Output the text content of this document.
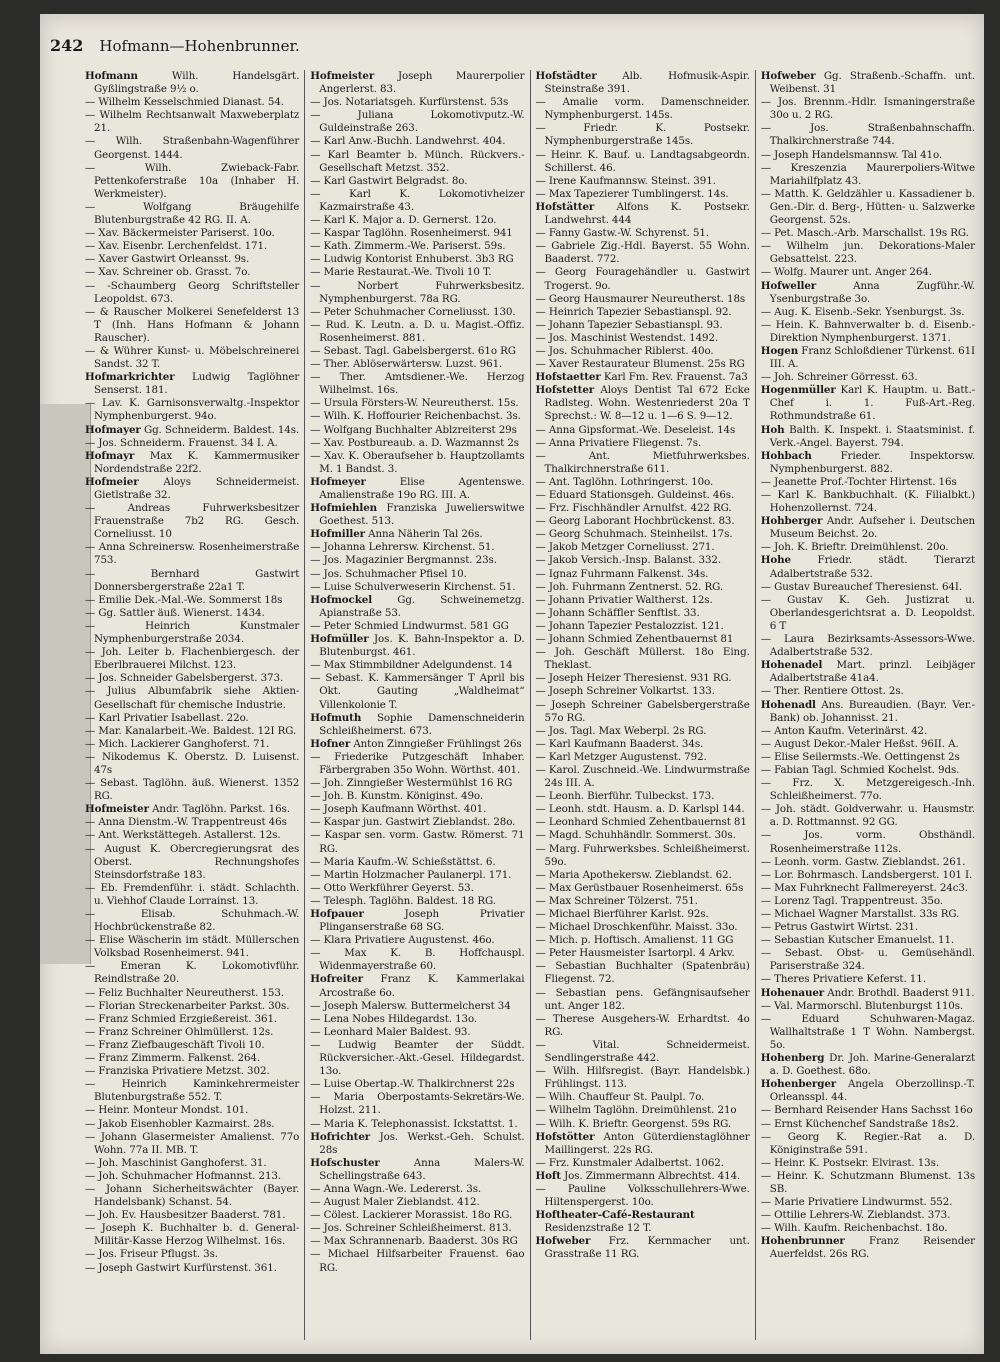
242 Hofmann—Hohenbrunner.

Hofmann Wilh. Handelsgärt. Gyßlingstraße 9½ o.

— Wilhelm Kesselschmied Dianast. 54.

— Wilhelm Rechtsanwalt Maxweberplatz 21.

— Wilh. Straßenbahn-Wagenführer Georgenst. 1444.

— Wilh. Zwieback-Fabr. Pettenkoferstraße 10a (Inhaber H. Werkmeister).

— Wolfgang Bräugehilfe Blutenburgstraße 42 RG. II. A.

— Xav. Bäckermeister Pariserst. 10o.

— Xav. Eisenbr. Lerchenfeldst. 171.

— Xaver Gastwirt Orleansst. 9s.

— Xav. Schreiner ob. Grasst. 7o.

— -Schaumberg Georg Schriftsteller Leopoldst. 673.

— & Rauscher Molkerei Senefelderst 13 T (Inh. Hans Hofmann & Johann Rauscher).

— & Wührer Kunst- u. Möbelschreinerei Sandst. 32 T.

Hofmarkrichter Ludwig Taglöhner Senserst. 181.

— Lav. K. Garnisonsverwaltg.-Inspektor Nymphenburgerst. 94o.

Hofmayer Gg. Schneiderm. Baldest. 14s.

— Jos. Schneiderm. Frauenst. 34 I. A.

Hofmayr Max K. Kammermusiker Nordendstraße 22f2.

Hofmeier Aloys Schneidermeist. Gietlstraße 32.

— Andreas Fuhrwerksbesitzer Frauenstraße 7b2 RG. Gesch. Corneliusst. 10

— Anna Schreinersw. Rosenheimerstraße 753.

— Bernhard Gastwirt Donnersbergerstraße 22a1 T.

— Emilie Dek.-Mal.-We. Sommerst 18s

— Gg. Sattler äuß. Wienerst. 1434.

— Heinrich Kunstmaler Nymphenburgerstraße 2034.

— Joh. Leiter b. Flachenbiergesch. der Eberlbrauerei Milchst. 123.

— Jos. Schneider Gabelsbergerst. 373.

— Julius Albumfabrik siehe Aktien-Gesellschaft für chemische Industrie.

— Karl Privatier Isabellast. 22o.

— Mar. Kanalarbeit.-We. Baldest. 12I RG.

— Mich. Lackierer Ganghoferst. 71.

— Nikodemus K. Oberstz. D. Luisenst. 47s

— Sebast. Taglöhn. äuß. Wienerst. 1352 RG.

Hofmeister Andr. Taglöhn. Parkst. 16s.

— Anna Dienstm.-W. Trappentreust 46s

— Ant. Werkstättegeh. Astallerst. 12s.

— August K. Obercregierungsrat des Oberst. Rechnungshofes Steinsdorfstraße 183.

— Eb. Fremdenführ. i. städt. Schlachth. u. Viehhof Claude Lorrainst. 13.

— Elisab. Schuhmach.-W. Hochbrückenstraße 82.

— Elise Wäscherin im städt. Müllerschen Volksbad Rosenheimerst. 941.

— Emeran K. Lokomotivführ. Reindlstraße 20.

— Feliz Buchhalter Neureutherst. 153.

— Florian Streckenarbeiter Parkst. 30s.

— Franz Schmied Erzgießereist. 361.

— Franz Schreiner Ohlmüllerst. 12s.

— Franz Ziefbaugeschäft Tivoli 10.

— Franz Zimmerm. Falkenst. 264.

— Franziska Privatiere Metzst. 302.

— Heinrich Kaminkehrermeister Blutenburgstraße 552. T.

— Heinr. Monteur Mondst. 101.

— Jakob Eisenhobler Kazmairst. 28s.

— Johann Glasermeister Amalienst. 77o Wohn. 77a II. MB. T.

— Joh. Maschinist Ganghoferst. 31.

— Joh. Schuhmacher Hofmannst. 213.

— Johann Sicherheitswächter (Bayer. Handelsbank) Schanst. 54.

— Joh. Ev. Hausbesitzer Baaderst. 781.

— Joseph K. Buchhalter b. d. General-Militär-Kasse Herzog Wilhelmst. 16s.

— Jos. Friseur Pflugst. 3s.

— Joseph Gastwirt Kurfürstenst. 361.

Hofmeister Joseph Maurerpolier Angerlerst. 83.

— Jos. Notariatsgeh. Kurfürstenst. 53s

— Juliana Lokomotivputz.-W. Guldeinstraße 263.

— Karl Anw.-Buchh. Landwehrst. 404.

— Karl Beamter b. Münch. Rückvers.-Gesellschaft Metzst. 352.

— Karl Gastwirt Belgradst. 8o.

— Karl K. Lokomotivheizer Kazmairstraße 43.

— Karl K. Major a. D. Gernerst. 12o.

— Kaspar Taglöhn. Rosenheimerst. 941

— Kath. Zimmerm.-We. Pariserst. 59s.

— Ludwig Kontorist Enhuberst. 3b3 RG

— Marie Restaurat.-We. Tivoli 10 T.

— Norbert Fuhrwerksbesitz. Nymphenburgerst. 78a RG.

— Peter Schuhmacher Corneliusst. 130.

— Rud. K. Leutn. a. D. u. Magist.-Offiz. Rosenheimerst. 881.

— Sebast. Tagl. Gabelsbergerst. 61o RG

— Ther. Ablöserwärtersw. Luzst. 961.

— Ther. Amtsdiener.-We. Herzog Wilhelmst. 16s.

— Ursula Försters-W. Neureutherst. 15s.

— Wilh. K. Hoffourier Reichenbachst. 3s.

— Wolfgang Buchhalter Ablzreiterst 29s

— Xav. Postbureaub. a. D. Wazmannst 2s

— Xav. K. Oberaufseher b. Hauptzollamts M. 1 Bandst. 3.

Hofmeyer Elise Agentenswe. Amalienstraße 19o RG. III. A.

Hofmiehlen Franziska Juwelierswitwe Goethest. 513.

Hofmiller Anna Näherin Tal 26s.

— Johanna Lehrersw. Kirchenst. 51.

— Jos. Magazinier Bergmannst. 23s.

— Jos. Schuhmacher Pfisel 10.

— Luise Schulverweserin Kirchenst. 51.

Hofmockel Gg. Schweinemetzg. Apianstraße 53.

— Peter Schmied Lindwurmst. 581 GG

Hofmüller Jos. K. Bahn-Inspektor a. D. Blutenburgst. 461.

— Max Stimmbildner Adelgundenst. 14

— Sebast. K. Kammersänger T April bis Okt. Gauting „Waldheimat“ Villenkolonie T.

Hofmuth Sophie Damenschneiderin Schleißheimerst. 673.

Hofner Anton Zinngießer Frühlingst 26s

— Friederike Putzgeschäft Inhaber. Färbergraben 35o Wohn. Wörthst. 401.

— Joh. Zinngießer Westermühlst 16 RG

— Joh. B. Kunstm. Königinst. 49o.

— Joseph Kaufmann Wörthst. 401.

— Kaspar jun. Gastwirt Zieblandst. 28o.

— Kaspar sen. vorm. Gastw. Römerst. 71 RG.

— Maria Kaufm.-W. Schießstättst. 6.

— Martin Holzmacher Paulanerpl. 171.

— Otto Werkführer Geyerst. 53.

— Telesph. Taglöhn. Baldest. 18 RG.

Hofpauer Joseph Privatier Plinganserstraße 68 SG.

— Klara Privatiere Augustenst. 46o.

— Max K. B. Hoffchauspl. Widenmayerstraße 60.

Hofreiter Franz K. Kammerlakai Arcostraße 6o.

— Joseph Malersw. Buttermelcherst 34

— Lena Nobes Hildegardst. 13o.

— Leonhard Maler Baldest. 93.

— Ludwig Beamter der Süddt. Rückversicher.-Akt.-Gesel. Hildegardst. 13o.

— Luise Obertap.-W. Thalkirchnerst 22s

— Maria Oberpostamts-Sekretärs-We. Holzst. 211.

— Maria K. Telephonassist. Ickstattst. 1.

Hofrichter Jos. Werkst.-Geh. Schulst. 28s

Hofschuster Anna Malers-W. Schellingstraße 643.

— Anna Wagn.-We. Ledererst. 3s.

— August Maler Zieblandst. 412.

— Cölest. Lackierer Morassist. 18o RG.

— Jos. Schreiner Schleißheimerst. 813.

— Max Schrannenarb. Baaderst. 30s RG

— Michael Hilfsarbeiter Frauenst. 6ao RG.

Hofstädter Alb. Hofmusik-Aspir. Steinstraße 391.

— Amalie vorm. Damenschneider. Nymphenburgerst. 145s.

— Friedr. K. Postsekr. Nymphenburgerstraße 145s.

— Heinr. K. Bauf. u. Landtagsabgeordn. Schillerst. 46.

— Irene Kaufmannsw. Steinst. 391.

— Max Tapezierer Tumblingerst. 14s.

Hofstätter Alfons K. Postsekr. Landwehrst. 444

— Fanny Gastw.-W. Schyrenst. 51.

— Gabriele Zig.-Hdl. Bayerst. 55 Wohn. Baaderst. 772.

— Georg Fouragehändler u. Gastwirt Trogerst. 9o.

— Georg Hausmaurer Neureutherst. 18s

— Heinrich Tapezier Sebastianspl. 92.

— Johann Tapezier Sebastianspl. 93.

— Jos. Maschinist Westendst. 1492.

— Jos. Schuhmacher Riblerst. 40o.

— Xaver Restaurateur Blumenst. 25s RG

Hofstaetter Karl Fm. Rev. Frauenst. 7a3

Hofstetter Aloys Dentist Tal 672 Ecke Radlsteg. Wohn. Westenriederst 20a T Sprechst.: W. 8—12 u. 1—6 S. 9—12.

— Anna Gipsformat.-We. Deseleist. 14s

— Anna Privatiere Fliegenst. 7s.

— Ant. Mietfuhrwerksbes. Thalkirchnerstraße 611.

— Ant. Taglöhn. Lothringerst. 10o.

— Eduard Stationsgeh. Guldeinst. 46s.

— Frz. Fischhändler Arnulfst. 422 RG.

— Georg Laborant Hochbrückenst. 83.

— Georg Schuhmach. Steinheilst. 17s.

— Jakob Metzger Corneliusst. 271.

— Jakob Versich.-Insp. Balanst. 332.

— Ignaz Fuhrmann Falkenst. 34s.

— Joh. Fuhrmann Zentnerst. 52. RG.

— Johann Privatier Waltherst. 12s.

— Johann Schäffler Senftlst. 33.

— Johann Tapezier Pestalozzist. 121.

— Johann Schmied Zehentbauernst 81

— Joh. Geschäft Müllerst. 18o Eing. Theklast.

— Joseph Heizer Theresienst. 931 RG.

— Joseph Schreiner Volkartst. 133.

— Joseph Schreiner Gabelsbergerstraße 57o RG.

— Jos. Tagl. Max Weberpl. 2s RG.

— Karl Kaufmann Baaderst. 34s.

— Karl Metzger Augustenst. 792.

— Karol. Zuschneid.-We. Lindwurmstraße 24s III. A.

— Leonh. Bierführ. Tulbeckst. 173.

— Leonh. stdt. Hausm. a. D. Karlspl 144.

— Leonhard Schmied Zehentbauernst 81

— Magd. Schuhhändlr. Sommerst. 30s.

— Marg. Fuhrwerksbes. Schleißheimerst. 59o.

— Maria Apothekersw. Zieblandst. 62.

— Max Gerüstbauer Rosenheimerst. 65s

— Max Schreiner Tölzerst. 751.

— Michael Bierführer Karlst. 92s.

— Michael Droschkenführ. Maisst. 33o.

— Mich. p. Hoftisch. Amalienst. 11 GG

— Peter Hausmeister Isartorpl. 4 Arkv.

— Sebastian Buchhalter (Spatenbräu) Fliegenst. 72.

— Sebastian pens. Gefängnisaufseher unt. Anger 182.

— Therese Ausgehers-W. Erhardtst. 4o RG.

— Vital. Schneidermeist. Sendlingerstraße 442.

— Wilh. Hilfsregist. (Bayr. Handelsbk.) Frühlingst. 113.

— Wilh. Chauffeur St. Paulpl. 7o.

— Wilhelm Taglöhn. Dreimühlenst. 21o

— Wilh. K. Brieftr. Georgenst. 59s RG.

Hofstötter Anton Güterdienstaglöhner Maillingerst. 22s RG.

— Frz. Kunstmaler Adalbertst. 1062.

Hoft Jos. Zimmermann Albrechtst. 414.

— Pauline Volksschullehrers-Wwe. Hiltenspergerst. 10o.

Hoftheater-Café-Restaurant Residenzstraße 12 T.

Hofweber Frz. Kernmacher unt. Grasstraße 11 RG.

Hofweber Gg. Straßenb.-Schaffn. unt. Weibenst. 31

— Jos. Brennm.-Hdlr. Ismaningerstraße 30o u. 2 RG.

— Jos. Straßenbahnschaffn. Thalkirchnerstraße 744.

— Joseph Handelsmannsw. Tal 41o.

— Kreszenzia Maurerpoliers-Witwe Mariahilfplatz 43.

— Matth. K. Geldzähler u. Kassadiener b. Gen.-Dir. d. Berg-, Hütten- u. Salzwerke Georgenst. 52s.

— Pet. Masch.-Arb. Marschallst. 19s RG.

— Wilhelm jun. Dekorations-Maler Gebsattelst. 223.

— Wolfg. Maurer unt. Anger 264.

Hofweller Anna Zugführ.-W. Ysenburgstraße 3o.

— Aug. K. Eisenb.-Sekr. Ysenburgst. 3s.

— Hein. K. Bahnverwalter b. d. Eisenb.-Direktion Nymphenburgerst. 1371.

Hogen Franz Schloßdiener Türkenst. 61I III. A.

— Joh. Schreiner Görresst. 63.

Hogenmüller Karl K. Hauptm. u. Batt.-Chef i. 1. Fuß-Art.-Reg. Rothmundstraße 61.

Hoh Balth. K. Inspekt. i. Staatsminist. f. Verk.-Angel. Bayerst. 794.

Hohbach Frieder. Inspektorsw. Nymphenburgerst. 882.

— Jeanette Prof.-Tochter Hirtenst. 16s

— Karl K. Bankbuchhalt. (K. Filialbkt.) Hohenzollernst. 724.

Hohberger Andr. Aufseher i. Deutschen Museum Beichst. 2o.

— Joh. K. Brieftr. Dreimühlenst. 20o.

Hohe Friedr. städt. Tierarzt Adalbertstraße 532.

— Gustav Bureauchef Theresienst. 64I.

— Gustav K. Geh. Justizrat u. Oberlandesgerichtsrat a. D. Leopoldst. 6 T

— Laura Bezirksamts-Assessors-Wwe. Adalbertstraße 532.

Hohenadel Mart. prinzl. Leibjäger Adalbertstraße 41a4.

— Ther. Rentiere Ottost. 2s.

Hohenadl Ans. Bureaudien. (Bayr. Ver.-Bank) ob. Johannisst. 21.

— Anton Kaufm. Veterinärst. 42.

— August Dekor.-Maler Heßst. 96II. A.

— Elise Seilermsts.-We. Oettingenst 2s

— Fabian Tagl. Schmied Kochelst. 9ds.

— Frz. X. Metzgereigesch.-Inh. Schleißheimerst. 77o.

— Joh. städt. Goldverwahr. u. Hausmstr. a. D. Rottmannst. 92 GG.

— Jos. vorm. Obsthändl. Rosenheimerstraße 112s.

— Leonh. vorm. Gastw. Zieblandst. 261.

— Lor. Bohrmasch. Landsbergerst. 101 I.

— Max Fuhrknecht Fallmereyerst. 24c3.

— Lorenz Tagl. Trappentreust. 35o.

— Michael Wagner Marstallst. 33s RG.

— Petrus Gastwirt Wirtst. 231.

— Sebastian Kutscher Emanuelst. 11.

— Sebast. Obst- u. Gemüsehändl. Pariserstraße 324.

— Theres Privatiere Keferst. 11.

Hohenauer Andr. Brothdl. Baaderst 911.

— Val. Marmorschl. Blutenburgst 110s.

— Eduard Schuhwaren-Magaz. Wallhaltstraße 1 T Wohn. Nambergst. 5o.

Hohenberg Dr. Joh. Marine-Generalarzt a. D. Goethest. 68o.

Hohenberger Angela Oberzollinsp.-T. Orleansspl. 44.

— Bernhard Reisender Hans Sachsst 16o

— Ernst Küchenchef Sandstraße 18s2.

— Georg K. Regier.-Rat a. D. Königinstraße 591.

— Heinr. K. Postsekr. Elvirast. 13s.

— Heinr. K. Schutzmann Blumenst. 13s SB.

— Marie Privatiere Lindwurmst. 552.

— Ottilie Lehrers-W. Zieblandst. 373.

— Wilh. Kaufm. Reichenbachst. 18o.

Hohenbrunner Franz Reisender Auerfeldst. 26s RG.
